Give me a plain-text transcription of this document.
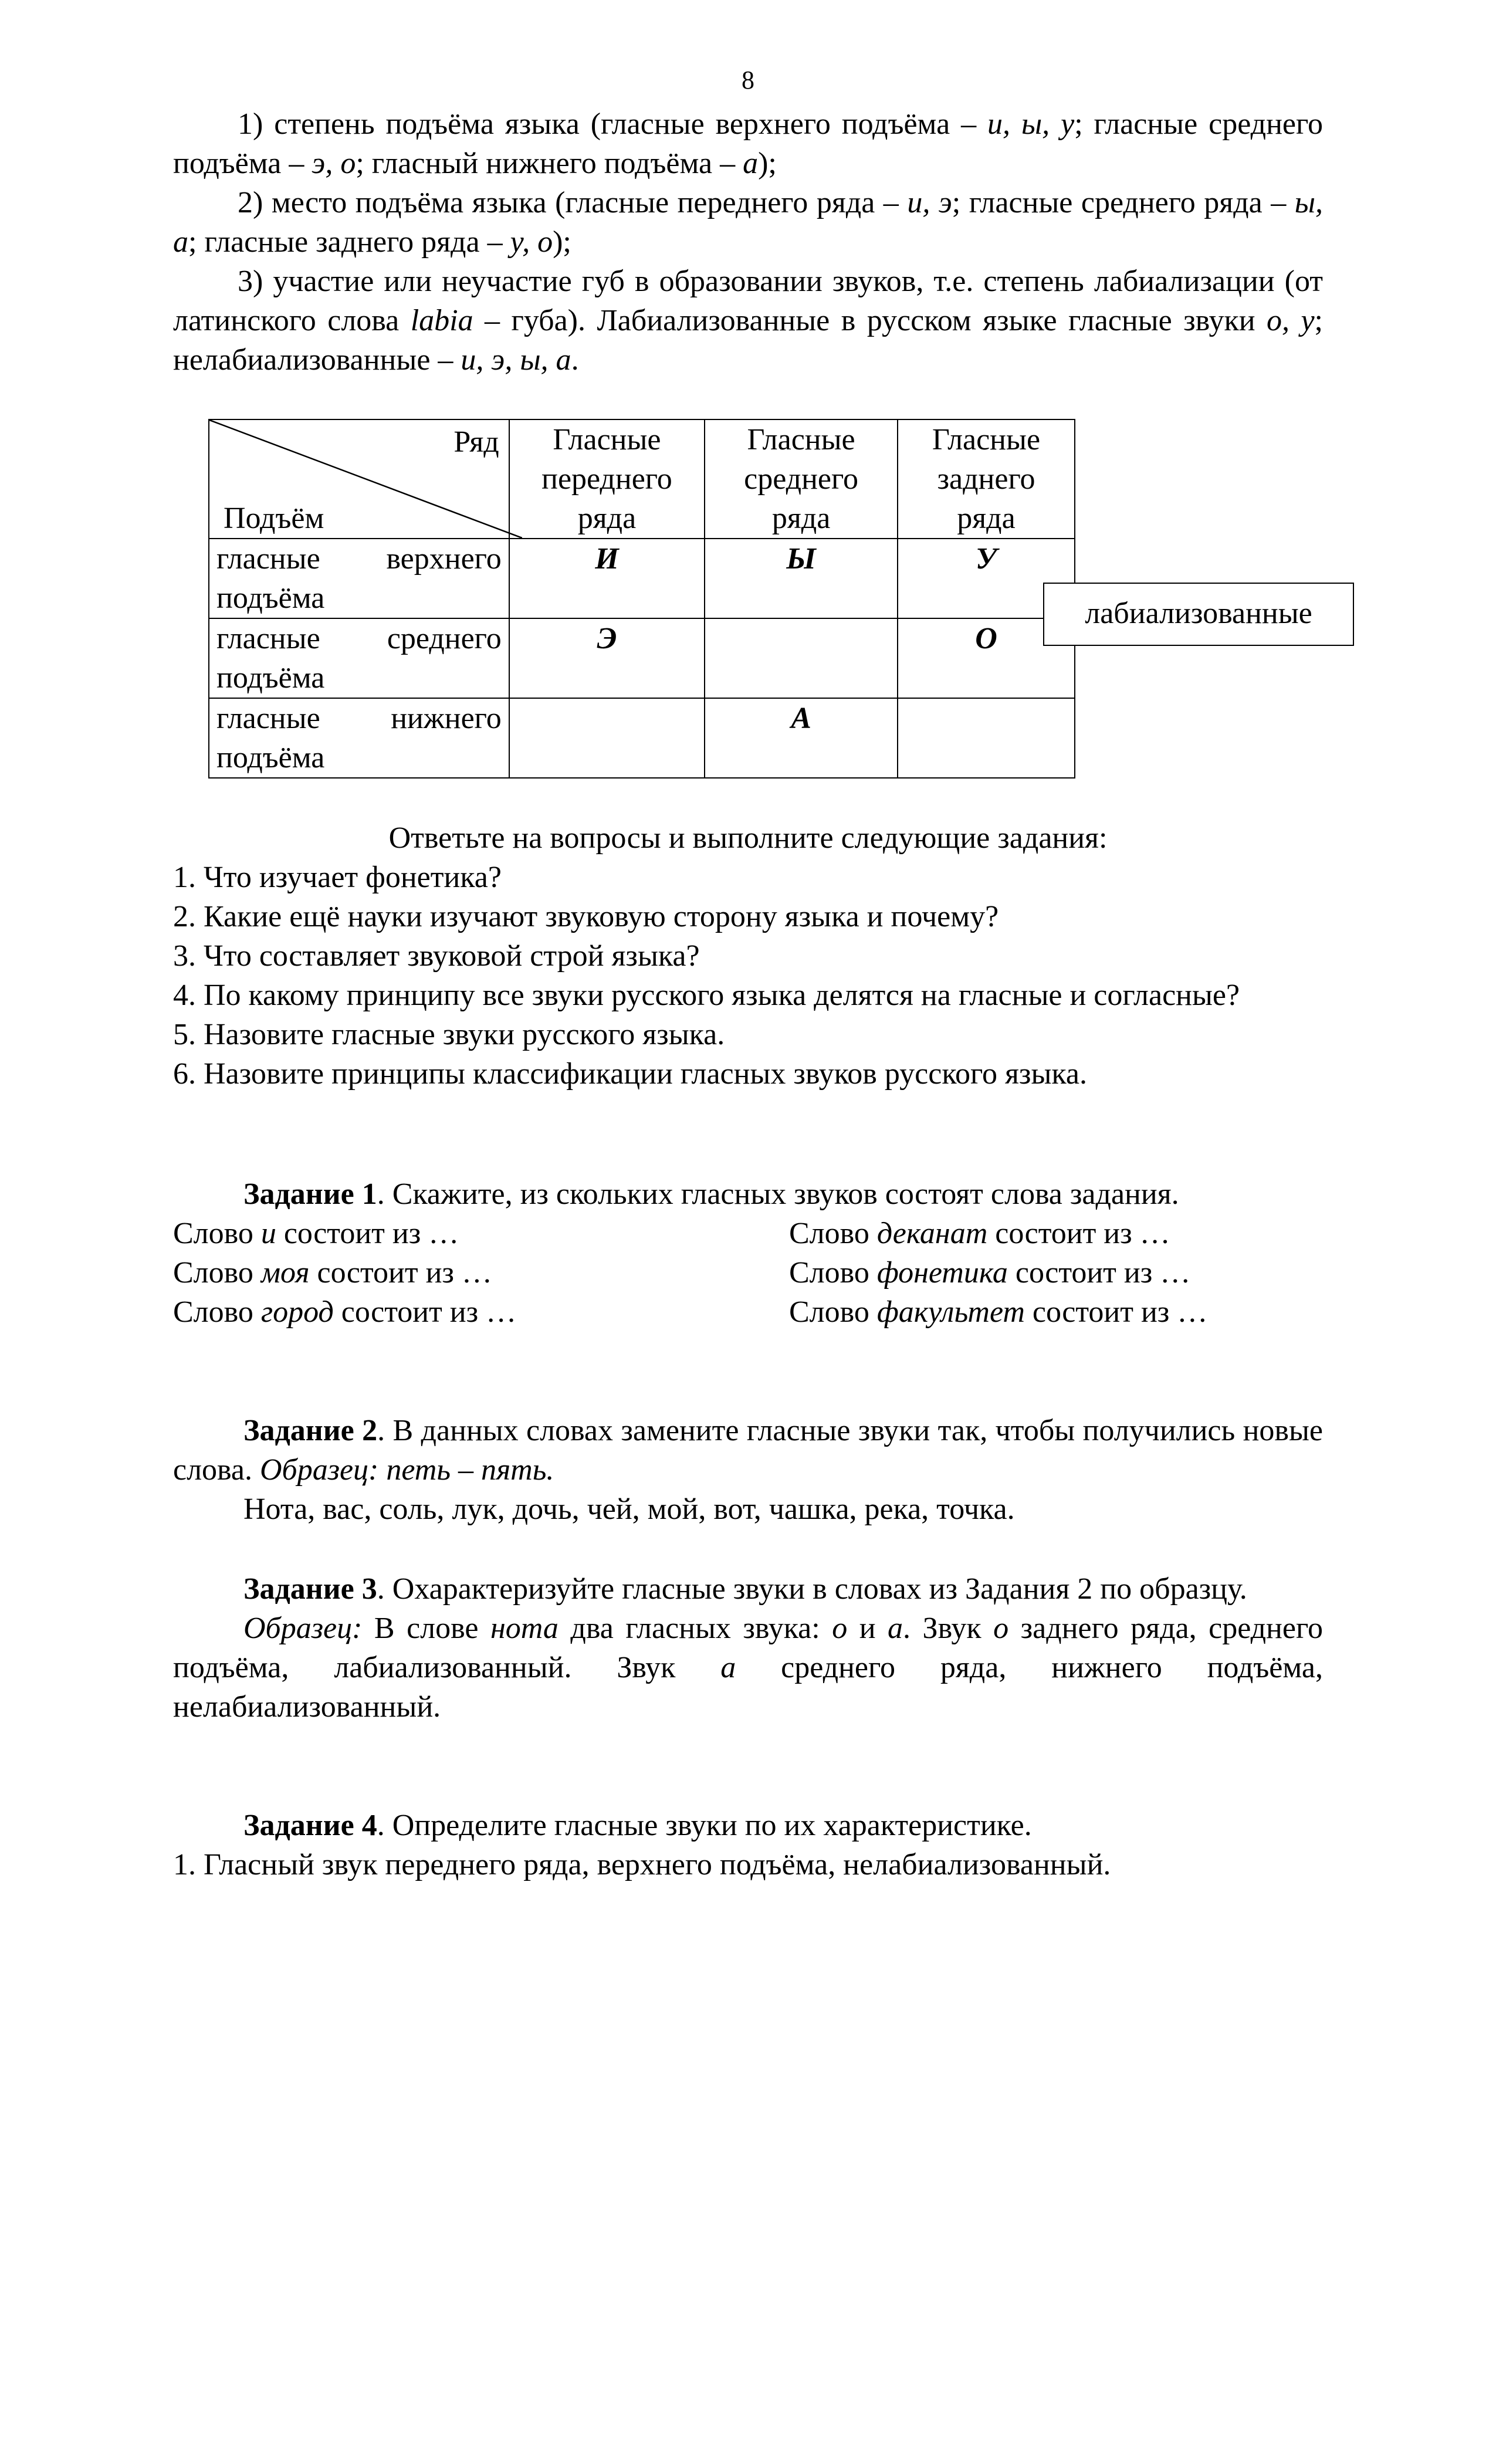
8

1) степень подъёма языка (гласные верхнего подъёма – и, ы, у; гласные среднего подъёма – э, о; гласный нижнего подъёма – а);

2) место подъёма языка (гласные переднего ряда – и, э; гласные среднего ряда – ы, а; гласные заднего ряда – у, о);

3) участие или неучастие губ в образовании звуков, т.е. степень лабиализации (от латинского слова labia – губа). Лабиализованные в русском языке гласные звуки о, у; нелабиализованные – и, э, ы, а.

Ряд
Подъём	Гласные переднего ряда	Гласные среднего ряда	Гласные заднего ряда

гласные верхнего
подъёма	И	Ы	У

гласные среднего
подъёма	Э		О

гласные нижнего
подъёма		А	
лабиализованные

Ответьте на вопросы и выполните следующие задания:

1. Что изучает фонетика?

2. Какие ещё науки изучают звуковую сторону языка и почему?

3. Что составляет звуковой строй языка?

4. По какому принципу все звуки русского языка делятся на гласные и согласные?

5. Назовите гласные звуки русского языка.

6. Назовите принципы классификации гласных звуков русского языка.

Задание 1. Скажите, из скольких гласных звуков состоят слова задания.

Слово и состоит из …	Слово деканат состоит из …
Слово моя состоит из …	Слово фонетика состоит из …
Слово город состоит из …	Слово факультет состоит из …

Задание 2. В данных словах замените гласные звуки так, чтобы получились новые слова. Образец: петь – пять.

Нота, вас, соль, лук, дочь, чей, мой, вот, чашка, река, точка.

Задание 3. Охарактеризуйте гласные звуки в словах из Задания 2 по образцу.

Образец: В слове нота два гласных звука: о и а. Звук о заднего ряда, среднего подъёма, лабиализованный. Звук а среднего ряда, нижнего подъёма, нелабиализованный.

Задание 4. Определите гласные звуки по их характеристике.

1. Гласный звук переднего ряда, верхнего подъёма, нелабиализованный.
